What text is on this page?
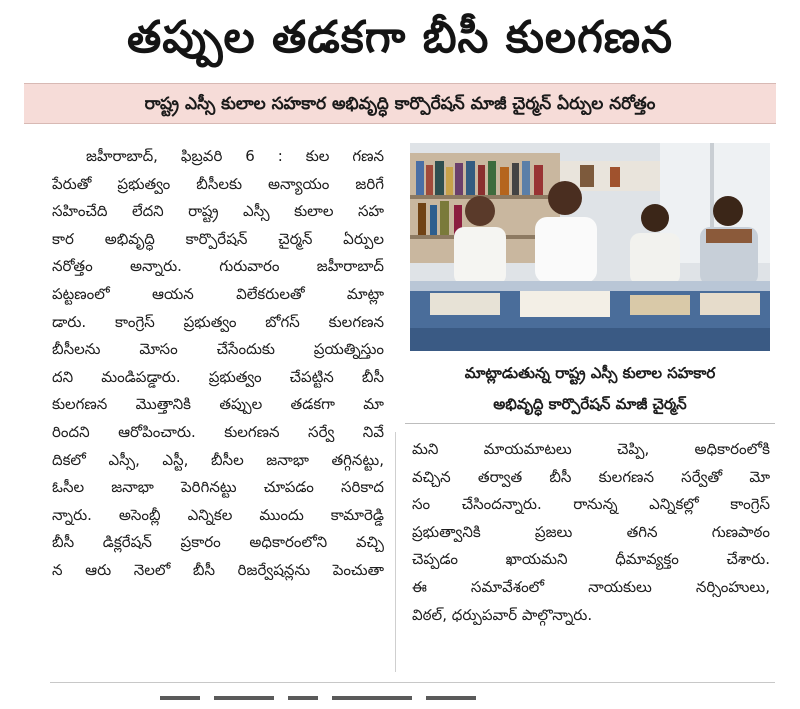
తప్పుల తడకగా బీసీ కులగణన
రాష్ట్ర ఎస్సీ కులాల సహకార అభివృద్ధి కార్పొరేషన్ మాజీ చైర్మన్ ఏర్పుల నరోత్తం
జహీరాబాద్, ఫిబ్రవరి 6 : కుల గణన
పేరుతో ప్రభుత్వం బీసీలకు అన్యాయం జరిగే
సహించేది లేదని రాష్ట్ర ఎస్సీ కులాల సహ
కార అభివృద్ధి కార్పొరేషన్ చైర్మన్ ఏర్పుల
నరోత్తం అన్నారు. గురువారం జహీరాబాద్
పట్టణంలో ఆయన విలేకరులతో మాట్లా
డారు. కాంగ్రెస్ ప్రభుత్వం బోగస్ కులగణన
బీసీలను మోసం చేసేందుకు ప్రయత్నిస్తుం
దని మండిపడ్డారు. ప్రభుత్వం చేపట్టిన బీసీ
కులగణన మొత్తానికి తప్పుల తడకగా మా
రిందని ఆరోపించారు. కులగణన సర్వే నివే
దికలో ఎస్సీ, ఎస్టీ, బీసీల జనాభా తగ్గినట్టు,
ఓసీల జనాభా పెరిగినట్టు చూపడం సరికాద
న్నారు. అసెంబ్లీ ఎన్నికల ముందు కామారెడ్డి
బీసీ డిక్లరేషన్ ప్రకారం అధికారంలోని వచ్చి
న ఆరు నెలలో బీసీ రిజర్వేషన్లను పెంచుతా
మాట్లాడుతున్న రాష్ట్ర ఎస్సీ కులాల సహకార
అభివృద్ధి కార్పొరేషన్ మాజీ చైర్మన్
మని మాయమాటలు చెప్పి, అధికారంలోకి
వచ్చిన తర్వాత బీసీ కులగణన సర్వేతో మో
సం చేసిందన్నారు. రానున్న ఎన్నికల్లో కాంగ్రెస్
ప్రభుత్వానికి ప్రజలు తగిన గుణపాఠం
చెప్పడం ఖాయమని ధీమావ్యక్తం చేశారు.
ఈ సమావేశంలో నాయకులు నర్సింహులు,
విఠల్, ధర్పుపవార్ పాల్గొన్నారు.
